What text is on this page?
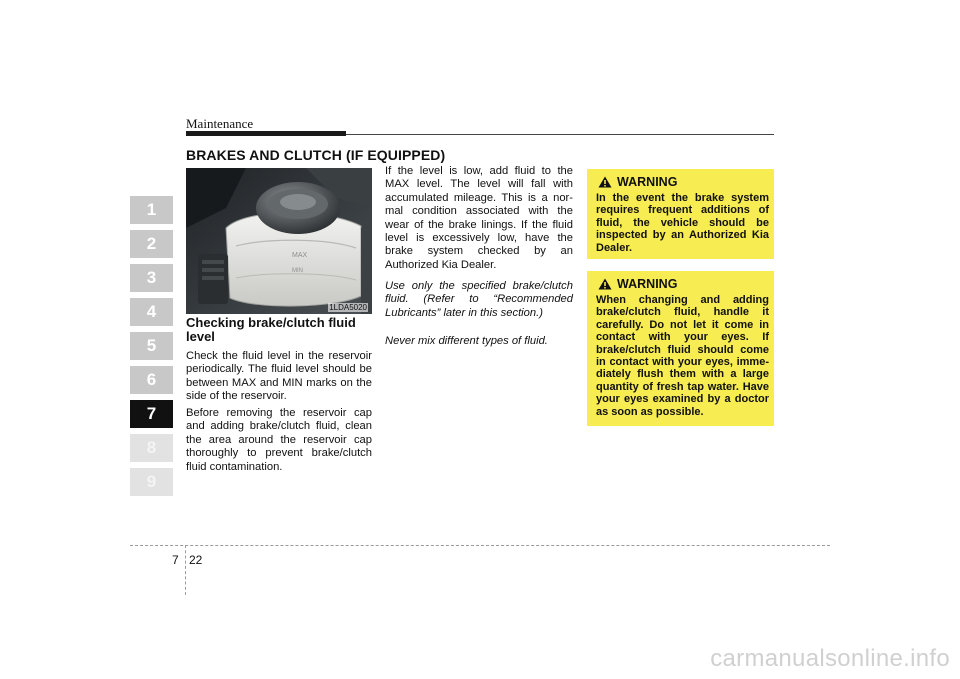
Maintenance
BRAKES AND CLUTCH (IF EQUIPPED)
1
2
3
4
5
6
7
8
9
MAX
MIN
1LDA5020
Checking brake/clutch fluid level

Check the fluid level in the reservoir periodically. The fluid level should be between MAX and MIN marks on the side of the reservoir.

Before removing the reservoir cap and adding brake/clutch fluid, clean the area around the reservoir cap thoroughly to prevent brake/clutch fluid contamination.

If the level is low, add fluid to the MAX level. The level will fall with accumulated mileage. This is a nor-mal condition associated with the wear of the brake linings. If the fluid level is excessively low, have the brake system checked by an Authorized Kia Dealer.

Use only the specified brake/clutch fluid. (Refer to “Recommended Lubricants” later in this section.)

Never mix different types of fluid.

WARNING

In the event the brake system requires frequent additions of fluid, the vehicle should be inspected by an Authorized Kia Dealer.

WARNING

When changing and adding brake/clutch fluid, handle it carefully. Do not let it come in contact with your eyes. If brake/clutch fluid should come in contact with your eyes, imme-diately flush them with a large quantity of fresh tap water. Have your eyes examined by a doctor as soon as possible.

7 22
carmanualsonline.info
